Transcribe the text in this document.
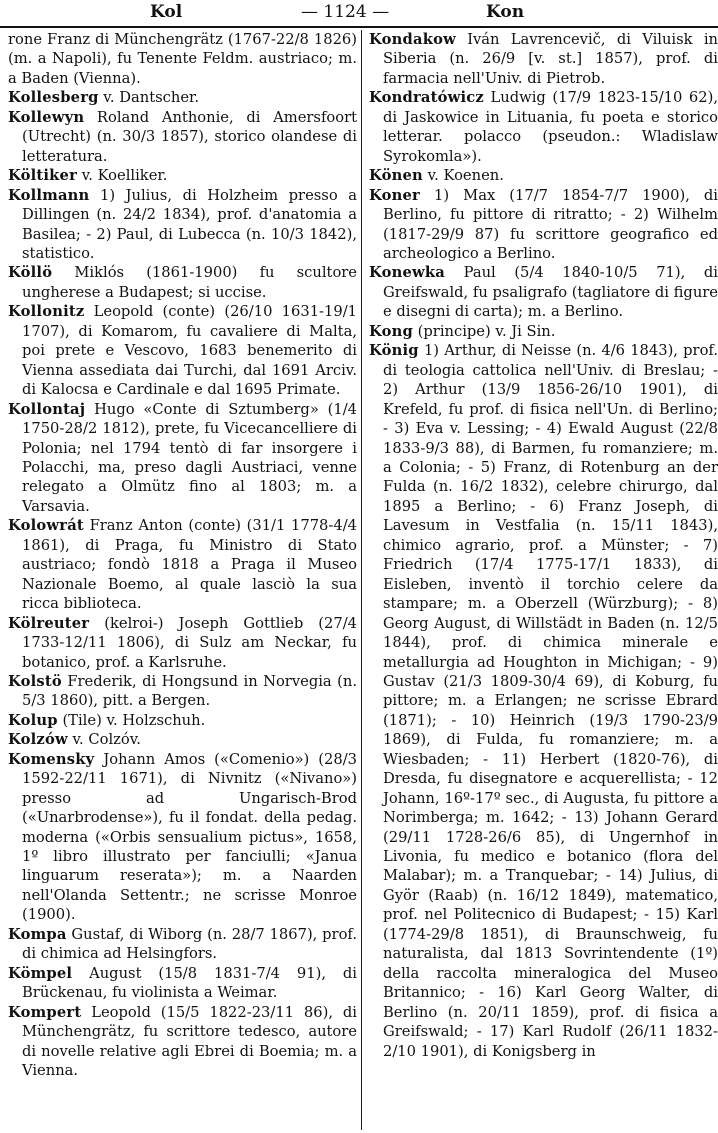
Kol	— 1124 —	Kon
rone Franz di Münchengrätz (1767-22/8 1826) (m. a Napoli), fu Tenente Feldm. austriaco; m. a Baden (Vienna).
Kollesberg v. Dantscher.
Kollewyn Roland Anthonie, di Amersfoort (Utrecht) (n. 30/3 1857), storico olandese di letteratura.
Költiker v. Koelliker.
Kollmann 1) Julius, di Holzheim presso a Dillingen (n. 24/2 1834), prof. d'anatomia a Basilea; - 2) Paul, di Lubecca (n. 10/3 1842), statistico.
Köllö Miklós (1861-1900) fu scultore ungherese a Budapest; si uccise.
Kollonitz Leopold (conte) (26/10 1631-19/1 1707), di Komarom, fu cavaliere di Malta, poi prete e Vescovo, 1683 benemerito di Vienna assediata dai Turchi, dal 1691 Arciv. di Kalocsa e Cardinale e dal 1695 Primate.
Kollontaj Hugo «Conte di Sztumberg» (1/4 1750-28/2 1812), prete, fu Vicecancelliere di Polonia; nel 1794 tentò di far insorgere i Polacchi, ma, preso dagli Austriaci, venne relegato a Olmütz fino al 1803; m. a Varsavia.
Kolowrát Franz Anton (conte) (31/1 1778-4/4 1861), di Praga, fu Ministro di Stato austriaco; fondò 1818 a Praga il Museo Nazionale Boemo, al quale lasciò la sua ricca biblioteca.
Kölreuter (kelroi-) Joseph Gottlieb (27/4 1733-12/11 1806), di Sulz am Neckar, fu botanico, prof. a Karlsruhe.
Kolstö Frederik, di Hongsund in Norvegia (n. 5/3 1860), pitt. a Bergen.
Kolup (Tile) v. Holzschuh.
Kolzów v. Colzóv.
Komensky Johann Amos («Comenio») (28/3 1592-22/11 1671), di Nivnitz («Nivano») presso ad Ungarisch-Brod («Unarbrodense»), fu il fondat. della pedag. moderna («Orbis sensualium pictus», 1658, 1º libro illustrato per fanciulli; «Janua linguarum reserata»); m. a Naarden nell'Olanda Settentr.; ne scrisse Monroe (1900).
Kompa Gustaf, di Wiborg (n. 28/7 1867), prof. di chimica ad Helsingfors.
Kömpel August (15/8 1831-7/4 91), di Brückenau, fu violinista a Weimar.
Kompert Leopold (15/5 1822-23/11 86), di Münchengrätz, fu scrittore tedesco, autore di novelle relative agli Ebrei di Boemia; m. a Vienna.
Kondakow Iván Lavrencevič, di Viluisk in Siberia (n. 26/9 [v. st.] 1857), prof. di farmacia nell'Univ. di Pietrob.
Kondratówicz Ludwig (17/9 1823-15/10 62), di Jaskowice in Lituania, fu poeta e storico letterar. polacco (pseudon.: Wladislaw Syrokomla»).
Könen v. Koenen.
Koner 1) Max (17/7 1854-7/7 1900), di Berlino, fu pittore di ritratto; - 2) Wilhelm (1817-29/9 87) fu scrittore geografico ed archeologico a Berlino.
Konewka Paul (5/4 1840-10/5 71), di Greifswald, fu psaligrafo (tagliatore di figure e disegni di carta); m. a Berlino.
Kong (principe) v. Ji Sin.
König 1) Arthur, di Neisse (n. 4/6 1843), prof. di teologia cattolica nell'Univ. di Breslau; - 2) Arthur (13/9 1856-26/10 1901), di Krefeld, fu prof. di fisica nell'Un. di Berlino; - 3) Eva v. Lessing; - 4) Ewald August (22/8 1833-9/3 88), di Barmen, fu romanziere; m. a Colonia; - 5) Franz, di Rotenburg an der Fulda (n. 16/2 1832), celebre chirurgo, dal 1895 a Berlino; - 6) Franz Joseph, di Lavesum in Vestfalia (n. 15/11 1843), chimico agrario, prof. a Münster; - 7) Friedrich (17/4 1775-17/1 1833), di Eisleben, inventò il torchio celere da stampare; m. a Oberzell (Würzburg); - 8) Georg August, di Willstädt in Baden (n. 12/5 1844), prof. di chimica minerale e metallurgia ad Houghton in Michigan; - 9) Gustav (21/3 1809-30/4 69), di Koburg, fu pittore; m. a Erlangen; ne scrisse Ebrard (1871); - 10) Heinrich (19/3 1790-23/9 1869), di Fulda, fu romanziere; m. a Wiesbaden; - 11) Herbert (1820-76), di Dresda, fu disegnatore e acquerellista; - 12 Johann, 16º-17º sec., di Augusta, fu pittore a Norimberga; m. 1642; - 13) Johann Gerard (29/11 1728-26/6 85), di Ungernhof in Livonia, fu medico e botanico (flora del Malabar); m. a Tranquebar; - 14) Julius, di Györ (Raab) (n. 16/12 1849), matematico, prof. nel Politecnico di Budapest; - 15) Karl (1774-29/8 1851), di Braunschweig, fu naturalista, dal 1813 Sovrintendente (1º) della raccolta mineralogica del Museo Britannico; - 16) Karl Georg Walter, di Berlino (n. 20/11 1859), prof. di fisica a Greifswald; - 17) Karl Rudolf (26/11 1832-2/10 1901), di Konigsberg in
